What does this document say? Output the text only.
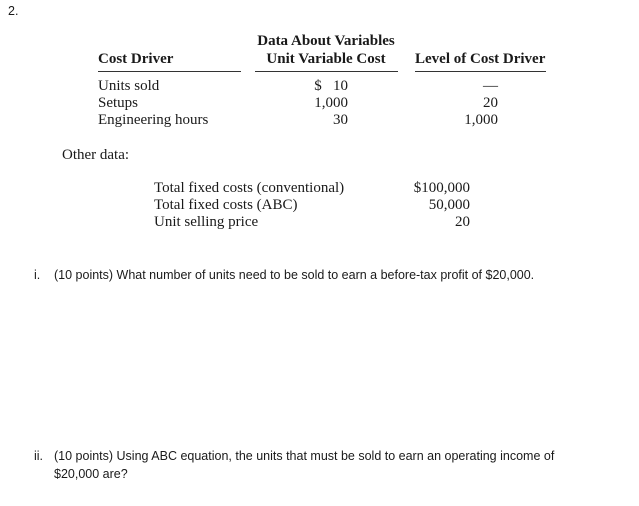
2.
Data About Variables
Cost Driver	Unit Variable Cost	Level of Cost Driver
Units sold
Setups
Engineering hours
$   10
1,000
30
—
20
1,000
Other data:
Total fixed costs (conventional)
Total fixed costs (ABC)
Unit selling price
$100,000
50,000
20
i. (10 points) What number of units need to be sold to earn a before-tax profit of $20,000.
ii. (10 points) Using ABC equation, the units that must be sold to earn an operating income of
$20,000 are?
